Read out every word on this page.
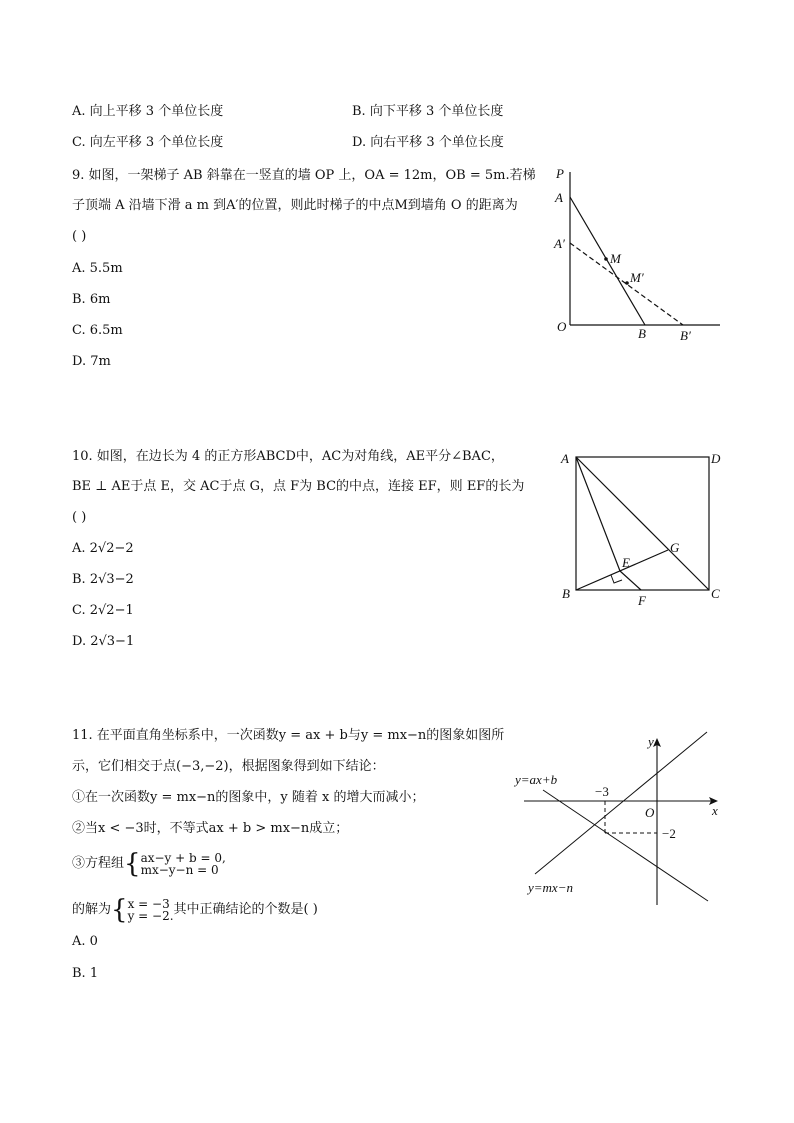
A. 向上平移 3 个单位长度	B. 向下平移 3 个单位长度
C. 向左平移 3 个单位长度	D. 向右平移 3 个单位长度
9. 如图，一架梯子 AB 斜靠在一竖直的墙 OP 上，OA = 12m，OB = 5m.若梯
子顶端 A 沿墙下滑 a m 到A′的位置，则此时梯子的中点M到墙角 O 的距离为
( )
A. 5.5m
B. 6m
C. 6.5m
D. 7m
P
A
A′
M
M′
O	B	B′
10. 如图，在边长为 4 的正方形ABCD中，AC为对角线，AE平分∠BAC，
BE ⊥ AE于点 E，交 AC于点 G，点 F为 BC的中点，连接 EF，则 EF的长为
( )
A. 2√2−2
B. 2√3−2
C. 2√2−1
D. 2√3−1
A	D
B	C
E
F
G
11. 在平面直角坐标系中，一次函数y = ax + b与y = mx−n的图象如图所
示，它们相交于点(−3,−2)，根据图象得到如下结论：
①在一次函数y = mx−n的图象中，y 随着 x 的增大而减小；
②当x < −3时，不等式ax + b > mx−n成立；
③方程组{ax−y + b = 0,
mx−y−n = 0
的解为{x = −3
y = −2.其中正确结论的个数是( )
A. 0
B. 1
y
x
O
y=ax+b
y=mx−n
−3
−2
